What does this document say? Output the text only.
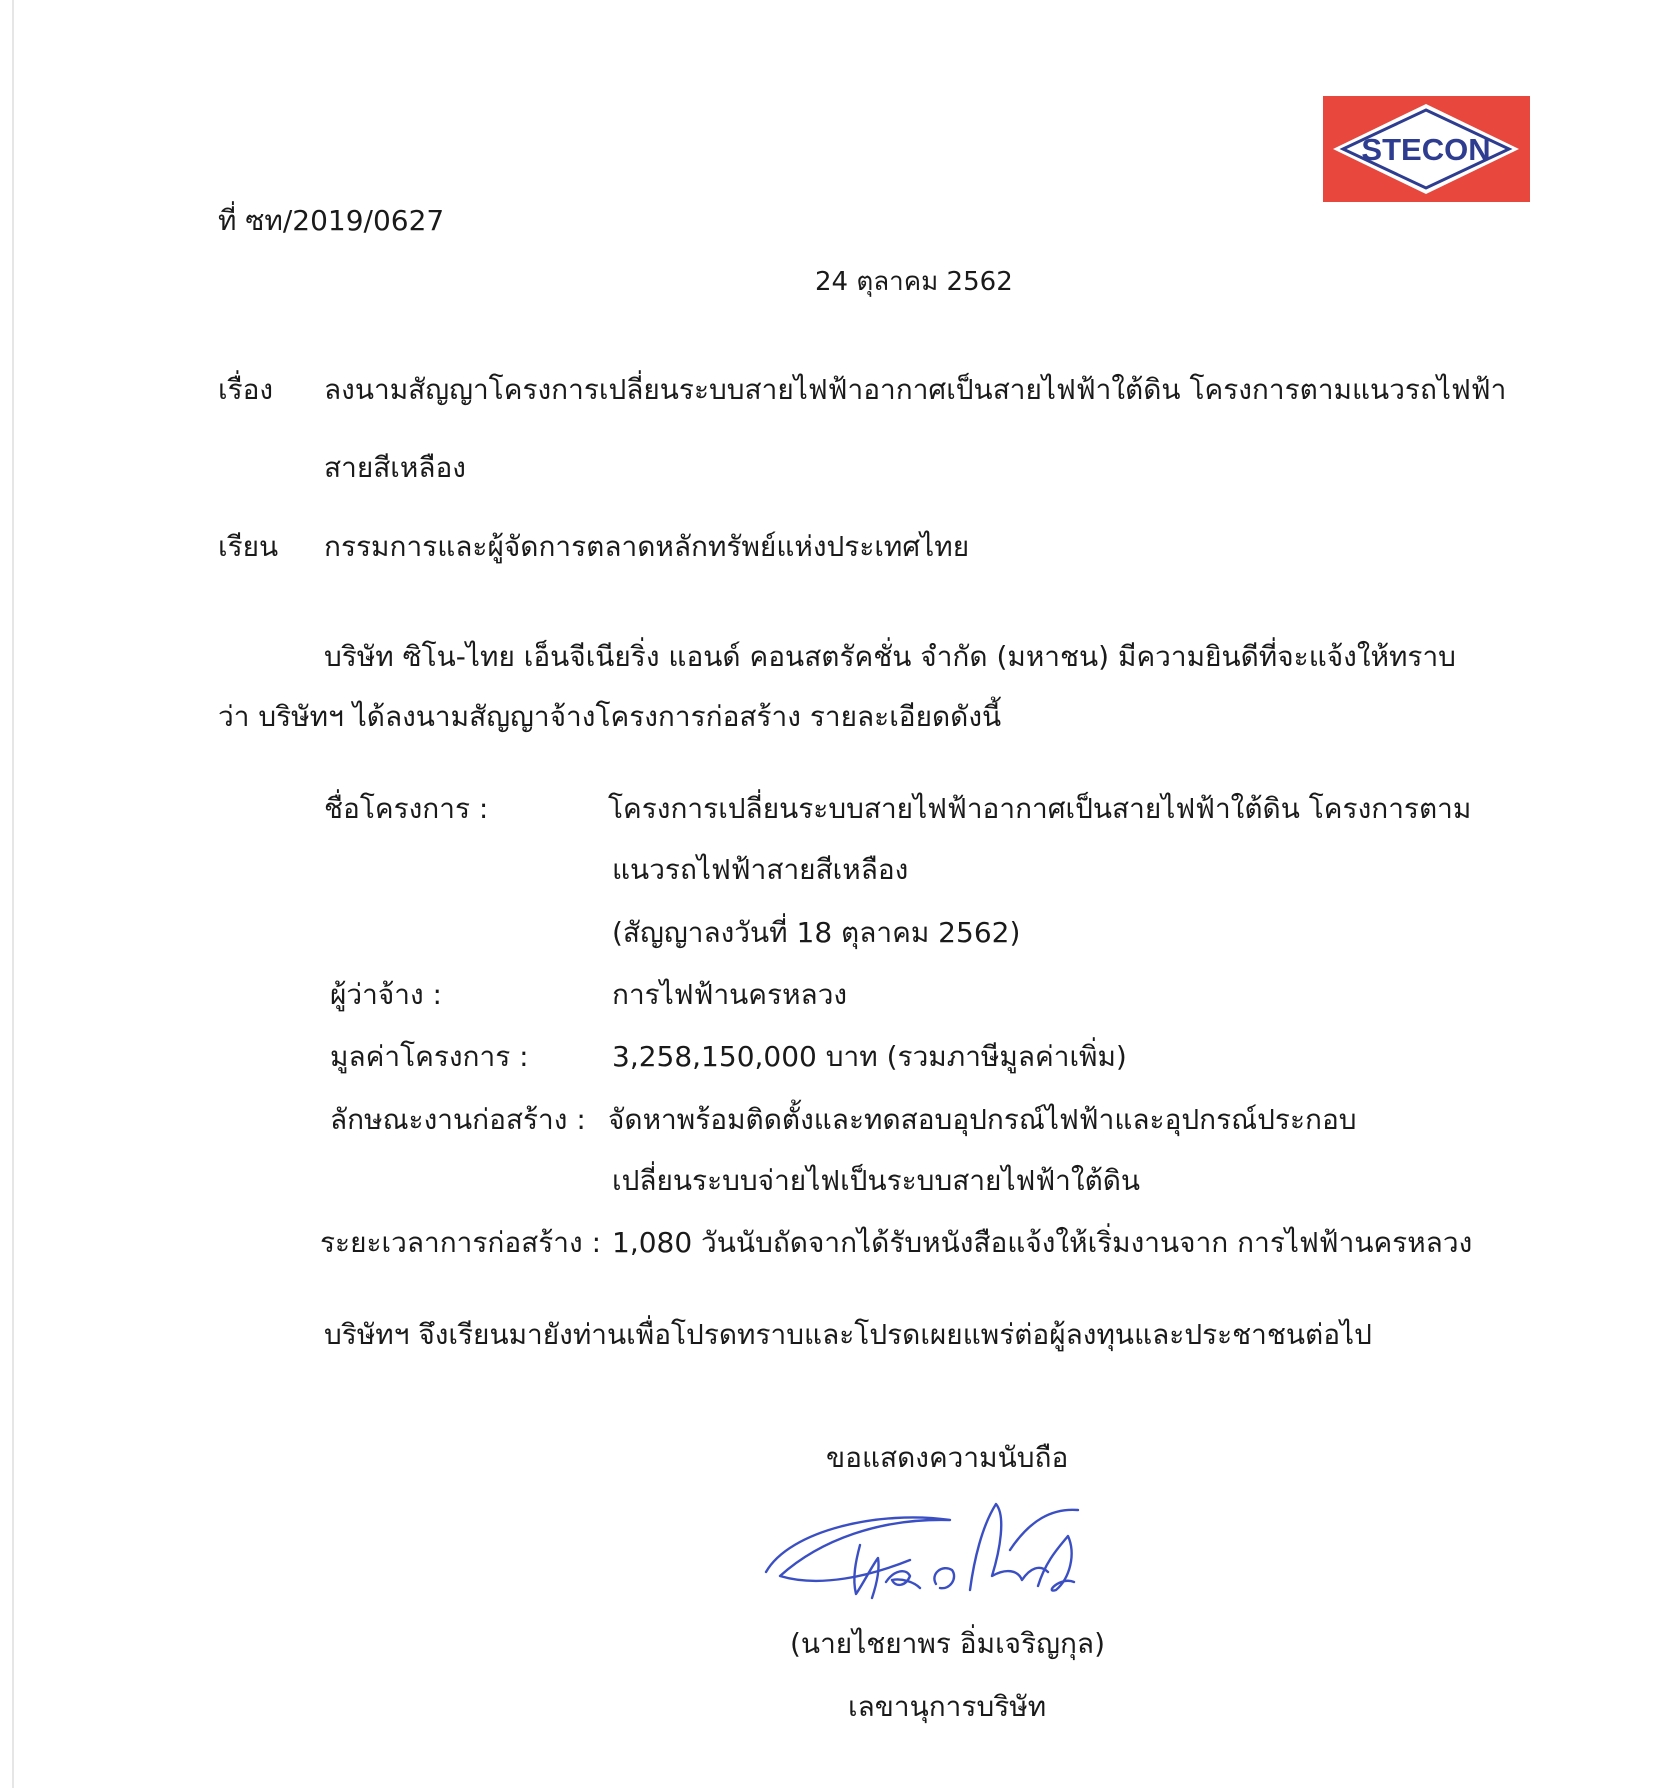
STECON
ที่ ซท/2019/0627
24 ตุลาคม 2562
เรื่อง ลงนามสัญญาโครงการเปลี่ยนระบบสายไฟฟ้าอากาศเป็นสายไฟฟ้าใต้ดิน โครงการตามแนวรถไฟฟ้า
สายสีเหลือง
เรียน กรรมการและผู้จัดการตลาดหลักทรัพย์แห่งประเทศไทย
บริษัท ซิโน-ไทย เอ็นจีเนียริ่ง แอนด์ คอนสตรัคชั่น จำกัด (มหาชน) มีความยินดีที่จะแจ้งให้ทราบ
ว่า บริษัทฯ ได้ลงนามสัญญาจ้างโครงการก่อสร้าง รายละเอียดดังนี้
ชื่อโครงการ :	โครงการเปลี่ยนระบบสายไฟฟ้าอากาศเป็นสายไฟฟ้าใต้ดิน โครงการตาม
แนวรถไฟฟ้าสายสีเหลือง
(สัญญาลงวันที่ 18 ตุลาคม 2562)
ผู้ว่าจ้าง :	การไฟฟ้านครหลวง
มูลค่าโครงการ :	3,258,150,000 บาท (รวมภาษีมูลค่าเพิ่ม)
ลักษณะงานก่อสร้าง : จัดหาพร้อมติดตั้งและทดสอบอุปกรณ์ไฟฟ้าและอุปกรณ์ประกอบ
เปลี่ยนระบบจ่ายไฟเป็นระบบสายไฟฟ้าใต้ดิน
ระยะเวลาการก่อสร้าง : 1,080 วันนับถัดจากได้รับหนังสือแจ้งให้เริ่มงานจาก การไฟฟ้านครหลวง
บริษัทฯ จึงเรียนมายังท่านเพื่อโปรดทราบและโปรดเผยแพร่ต่อผู้ลงทุนและประชาชนต่อไป
ขอแสดงความนับถือ
(นายไชยาพร อิ่มเจริญกุล)
เลขานุการบริษัท
